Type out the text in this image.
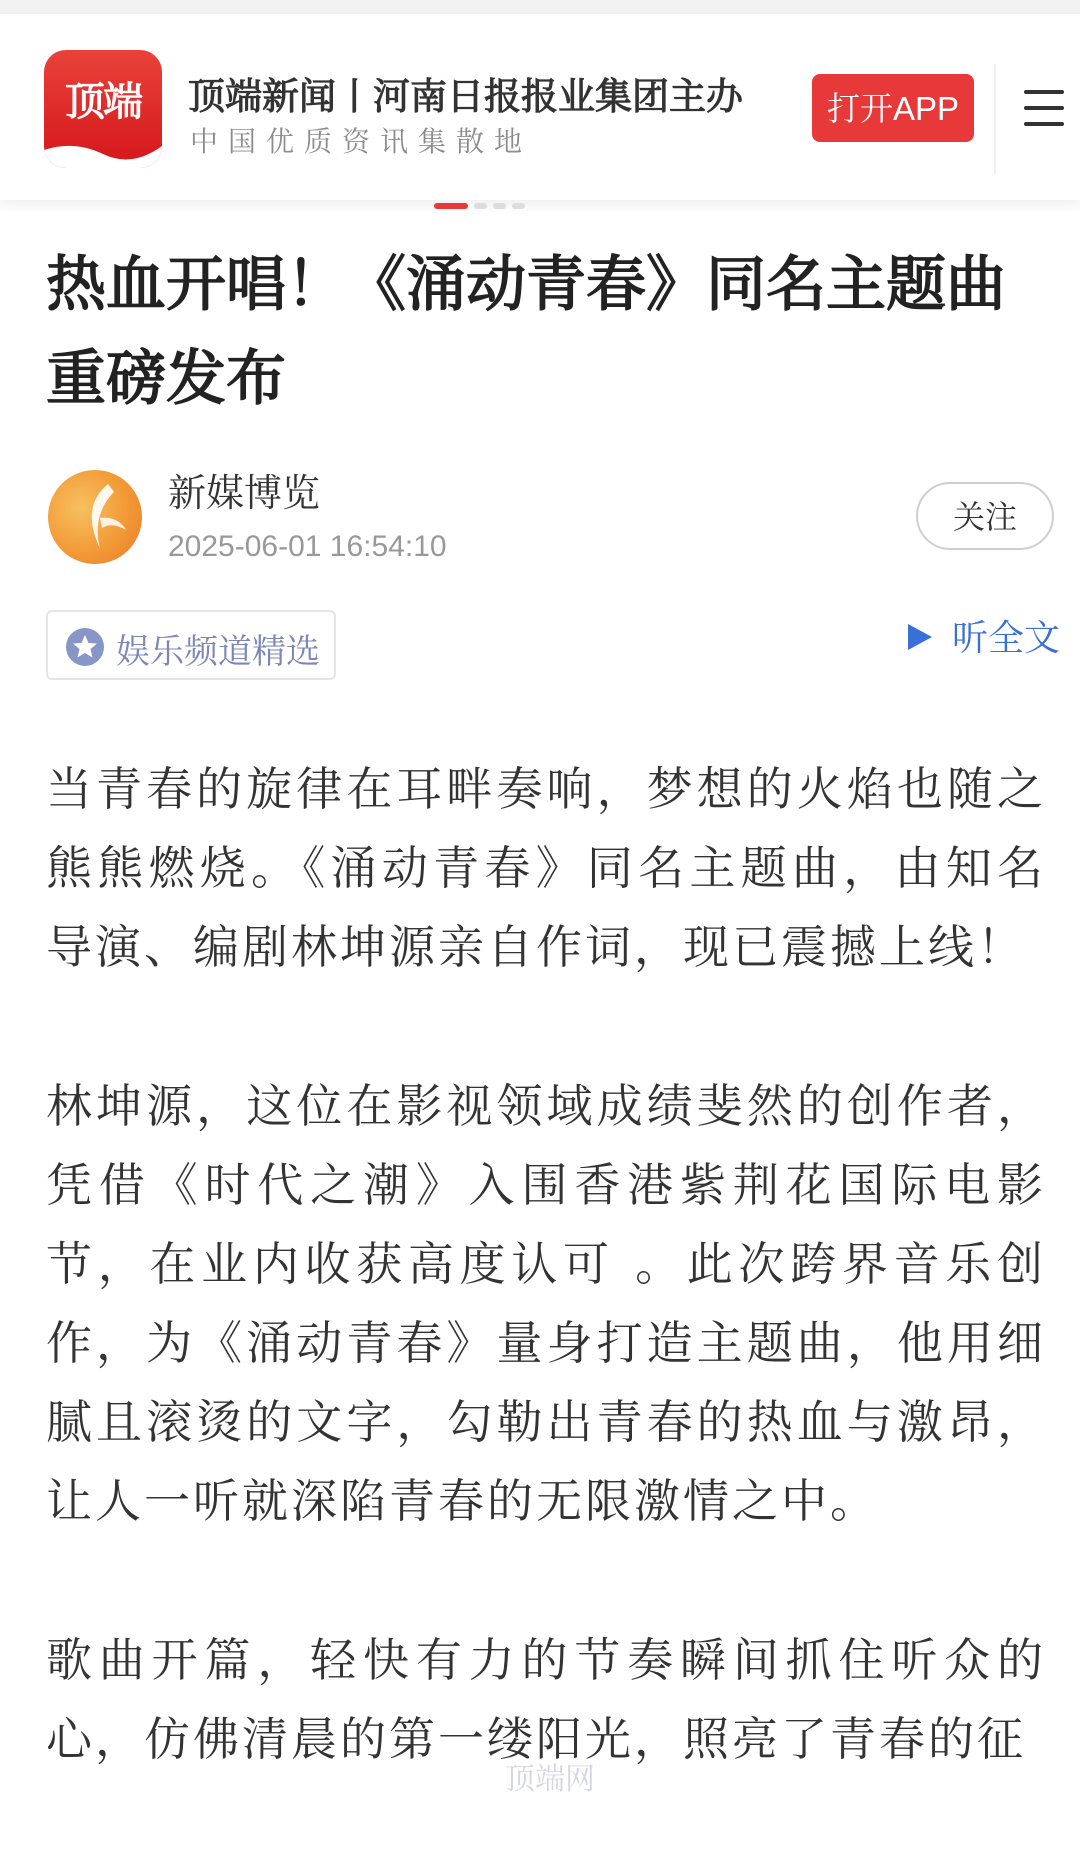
顶端	顶端新闻丨河南日报报业集团主办
中国优质资讯集散地
打开APP
热血开唱！《涌动青春》同名主题曲重磅发布
新媒博览
2025-06-01 16:54:10
关注
娱乐频道精选	听全文

当青春的旋律在耳畔奏响，梦想的火焰也随之熊熊燃烧。《涌动青春》同名主题曲，由知名导演、编剧林坤源亲自作词，现已震撼上线！

林坤源，这位在影视领域成绩斐然的创作者，凭借《时代之潮》入围香港紫荆花国际电影节，在业内收获高度认可 。此次跨界音乐创作，为《涌动青春》量身打造主题曲，他用细腻且滚烫的文字，勾勒出青春的热血与激昂，让人一听就深陷青春的无限激情之中。

歌曲开篇，轻快有力的节奏瞬间抓住听众的心，仿佛清晨的第一缕阳光，照亮了青春的征

顶端网
